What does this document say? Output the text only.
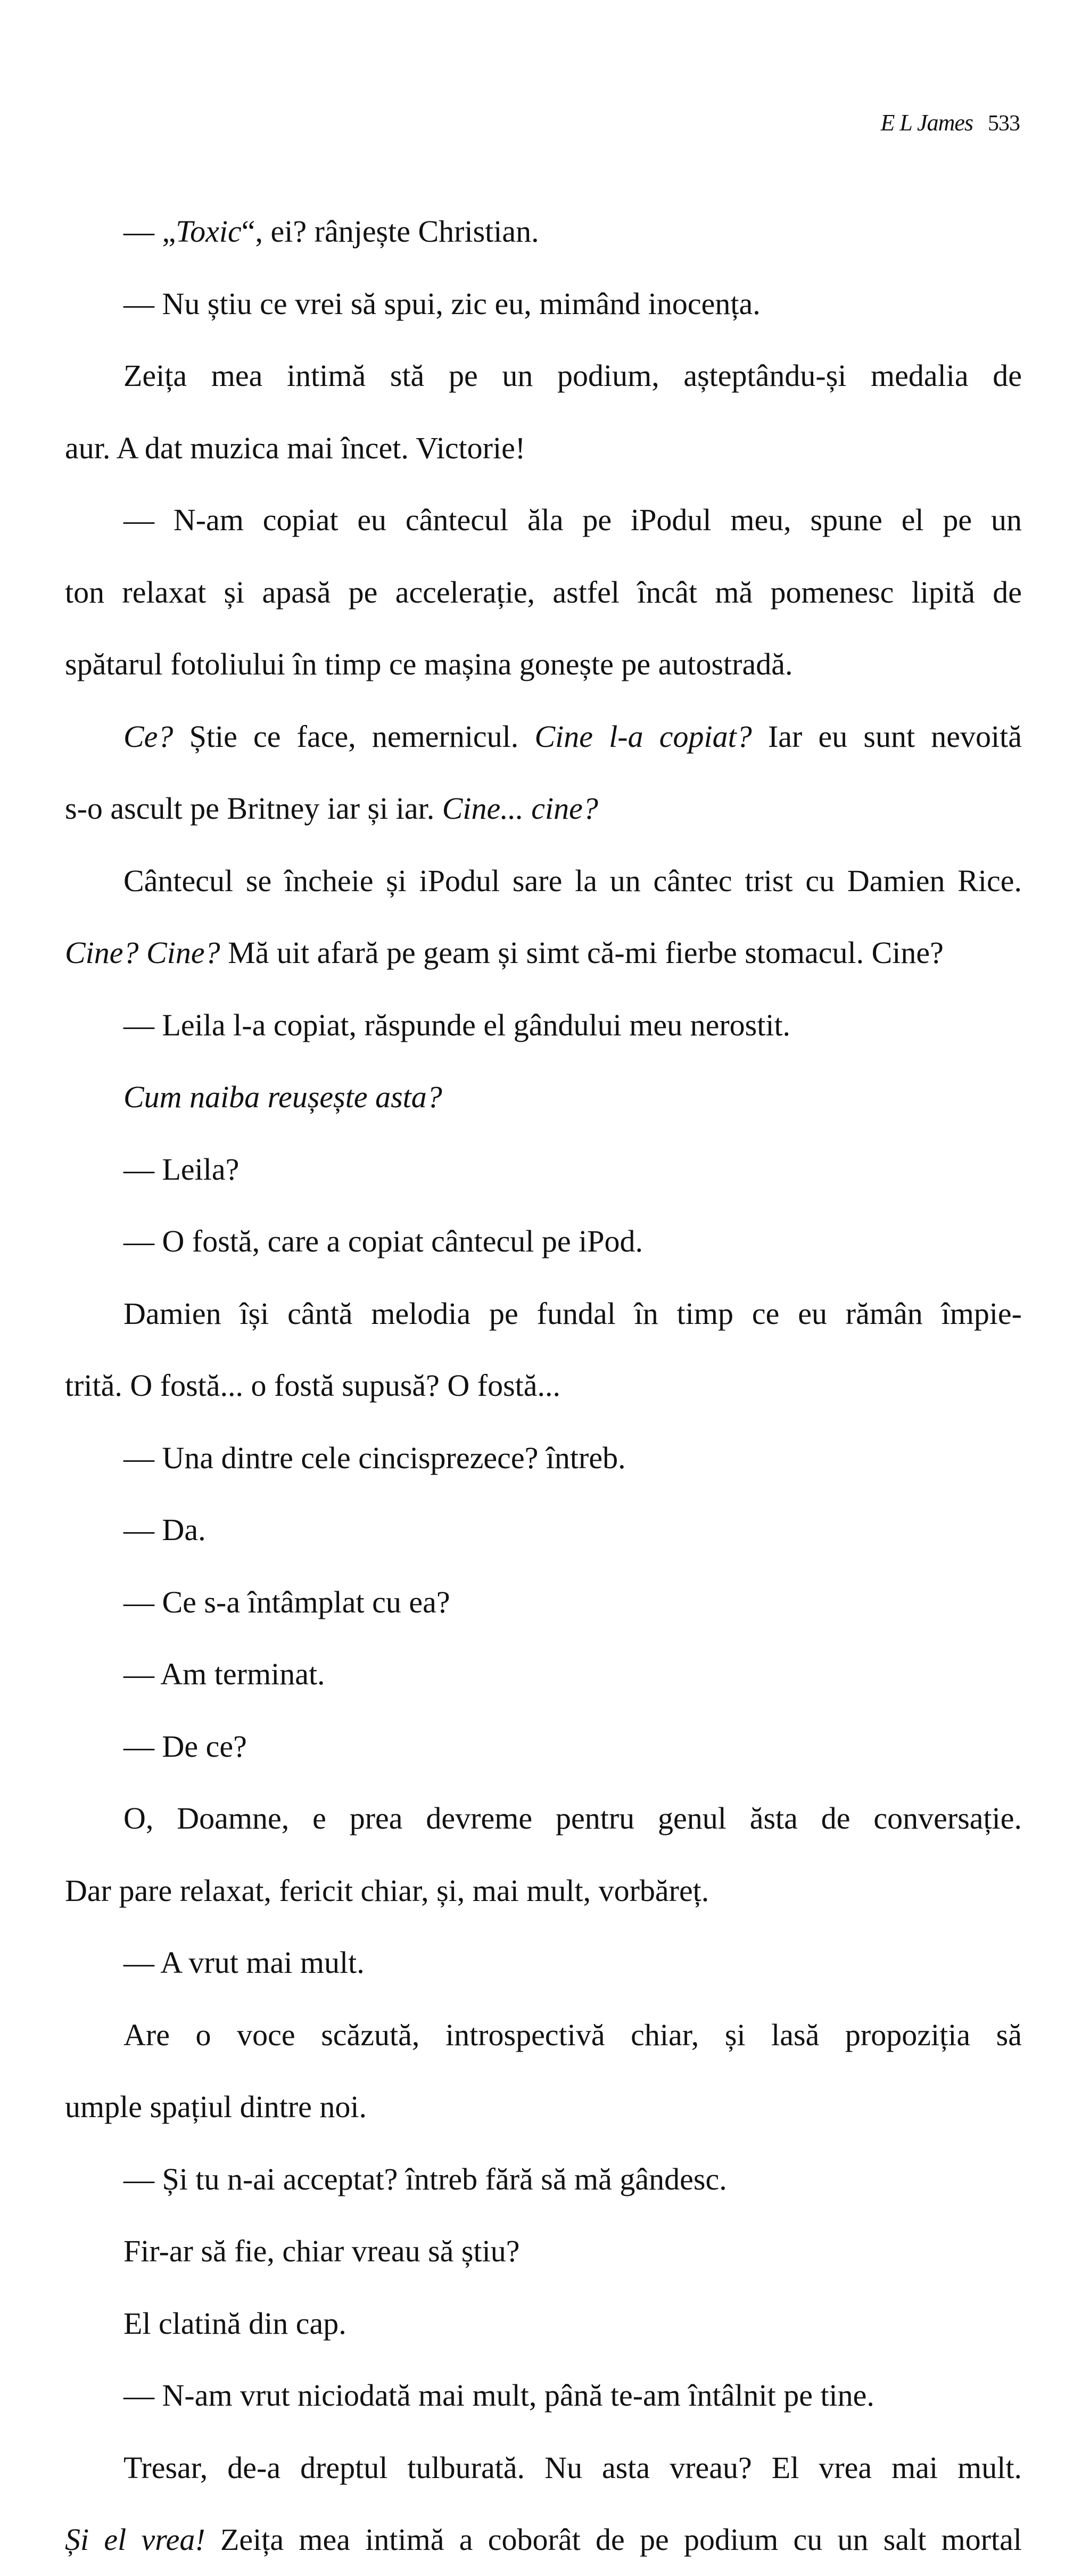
E L James 533
— „Toxic“, ei? rânjește Christian.
— Nu știu ce vrei să spui, zic eu, mimând inocența.
Zeița mea intimă stă pe un podium, așteptându-și medalia de
aur. A dat muzica mai încet. Victorie!
— N-am copiat eu cântecul ăla pe iPodul meu, spune el pe un
ton relaxat și apasă pe accelerație, astfel încât mă pomenesc lipită de
spătarul fotoliului în timp ce mașina gonește pe autostradă.
Ce? Știe ce face, nemernicul. Cine l-a copiat? Iar eu sunt nevoită
s-o ascult pe Britney iar și iar. Cine... cine?
Cântecul se încheie și iPodul sare la un cântec trist cu Damien Rice.
Cine? Cine? Mă uit afară pe geam și simt că-mi fierbe stomacul. Cine?
— Leila l-a copiat, răspunde el gândului meu nerostit.
Cum naiba reușește asta?
— Leila?
— O fostă, care a copiat cântecul pe iPod.
Damien își cântă melodia pe fundal în timp ce eu rămân împie-
trită. O fostă... o fostă supusă? O fostă...
— Una dintre cele cincisprezece? întreb.
— Da.
— Ce s-a întâmplat cu ea?
— Am terminat.
— De ce?
O, Doamne, e prea devreme pentru genul ăsta de conversație.
Dar pare relaxat, fericit chiar, și, mai mult, vorbăreț.
— A vrut mai mult.
Are o voce scăzută, introspectivă chiar, și lasă propoziția să
umple spațiul dintre noi.
— Și tu n-ai acceptat? întreb fără să mă gândesc.
Fir-ar să fie, chiar vreau să știu?
El clatină din cap.
— N-am vrut niciodată mai mult, până te-am întâlnit pe tine.
Tresar, de-a dreptul tulburată. Nu asta vreau? El vrea mai mult.
Și el vrea! Zeița mea intimă a coborât de pe podium cu un salt mortal
